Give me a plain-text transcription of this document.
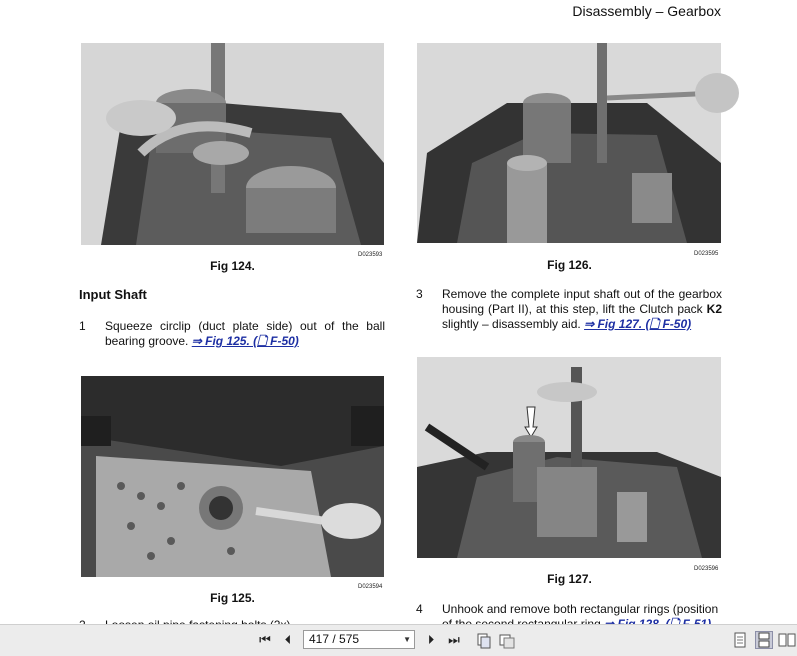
Disassembly – Gearbox
D023593
Fig 124.
D023595
Fig 126.
Input Shaft
1 Squeeze circlip (duct plate side) out of the ball bearing groove. ⇒ Fig 125. (🗋 F-50)
3 Remove the complete input shaft out of the gearbox housing (Part II), at this step, lift the Clutch pack K2 slightly – disassembly aid. ⇒ Fig 127. (🗋 F-50)
D023594
Fig 125.
D023596
Fig 127.
4 Unhook and remove both rectangular rings (position
⏮	⏴	417 / 575	▼	⏵	⏭
